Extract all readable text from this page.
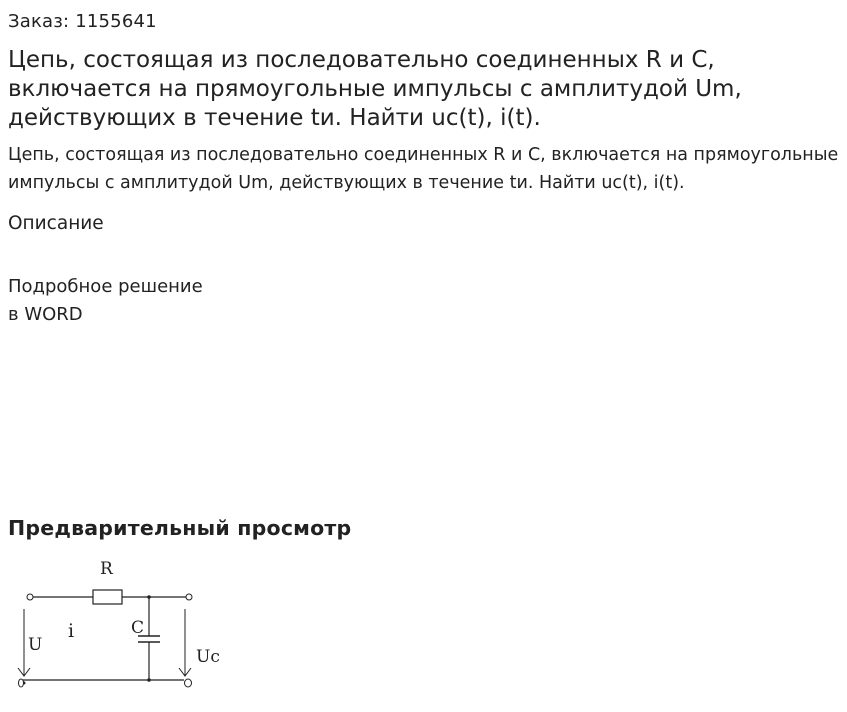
Заказ: 1155641
Цепь, состоящая из последовательно соединенных R и C, включается на прямоугольные импульсы с амплитудой Um, действующих в течение tи. Найти uc(t), i(t).
Цепь, состоящая из последовательно соединенных R и C, включается на прямоугольные импульсы с амплитудой Um, действующих в течение tи. Найти uc(t), i(t).
Описание
Подробное решение
в WORD
Предварительный просмотр
R
C
i
U
Uc
